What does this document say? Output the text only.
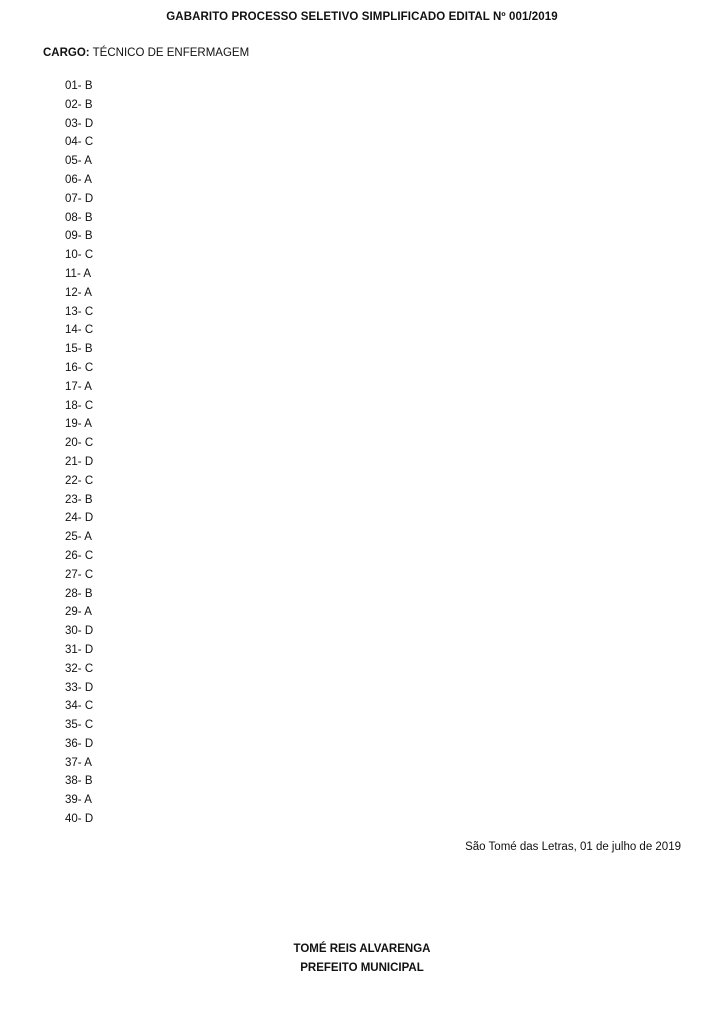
GABARITO PROCESSO SELETIVO SIMPLIFICADO EDITAL Nº 001/2019
CARGO: TÉCNICO DE ENFERMAGEM
01- B
02- B
03- D
04- C
05- A
06- A
07- D
08- B
09- B
10- C
11- A
12- A
13- C
14- C
15- B
16- C
17- A
18- C
19- A
20- C
21- D
22- C
23- B
24- D
25- A
26- C
27- C
28- B
29- A
30- D
31- D
32- C
33- D
34- C
35- C
36- D
37- A
38- B
39- A
40- D
São Tomé das Letras, 01 de julho de 2019
TOMÉ REIS ALVARENGA
PREFEITO MUNICIPAL
